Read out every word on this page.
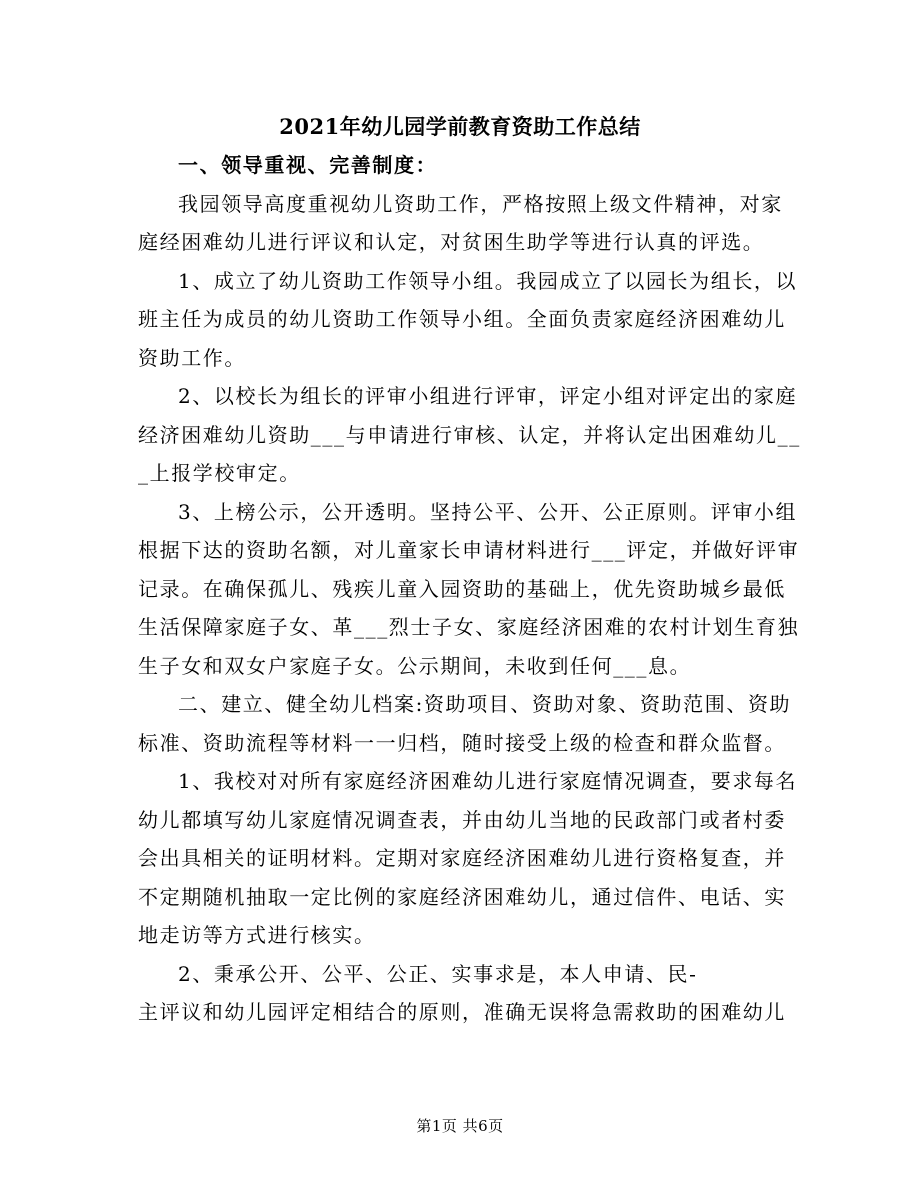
2021年幼儿园学前教育资助工作总结

一、领导重视、完善制度：

我园领导高度重视幼儿资助工作，严格按照上级文件精神，对家
庭经困难幼儿进行评议和认定，对贫困生助学等进行认真的评选。

1、成立了幼儿资助工作领导小组。我园成立了以园长为组长，以
班主任为成员的幼儿资助工作领导小组。全面负责家庭经济困难幼儿
资助工作。

2、以校长为组长的评审小组进行评审，评定小组对评定出的家庭
经济困难幼儿资助___与申请进行审核、认定，并将认定出困难幼儿__
_上报学校审定。

3、上榜公示，公开透明。坚持公平、公开、公正原则。评审小组
根据下达的资助名额，对儿童家长申请材料进行___评定，并做好评审
记录。在确保孤儿、残疾儿童入园资助的基础上，优先资助城乡最低
生活保障家庭子女、革___烈士子女、家庭经济困难的农村计划生育独
生子女和双女户家庭子女。公示期间，未收到任何___息。

二、建立、健全幼儿档案:资助项目、资助对象、资助范围、资助
标准、资助流程等材料一一归档，随时接受上级的检查和群众监督。

1、我校对对所有家庭经济困难幼儿进行家庭情况调查，要求每名
幼儿都填写幼儿家庭情况调查表，并由幼儿当地的民政部门或者村委
会出具相关的证明材料。定期对家庭经济困难幼儿进行资格复查，并
不定期随机抽取一定比例的家庭经济困难幼儿，通过信件、电话、实
地走访等方式进行核实。

2、秉承公开、公平、公正、实事求是，本人申请、民-
主评议和幼儿园评定相结合的原则，准确无误将急需救助的困难幼儿

第1页 共6页
